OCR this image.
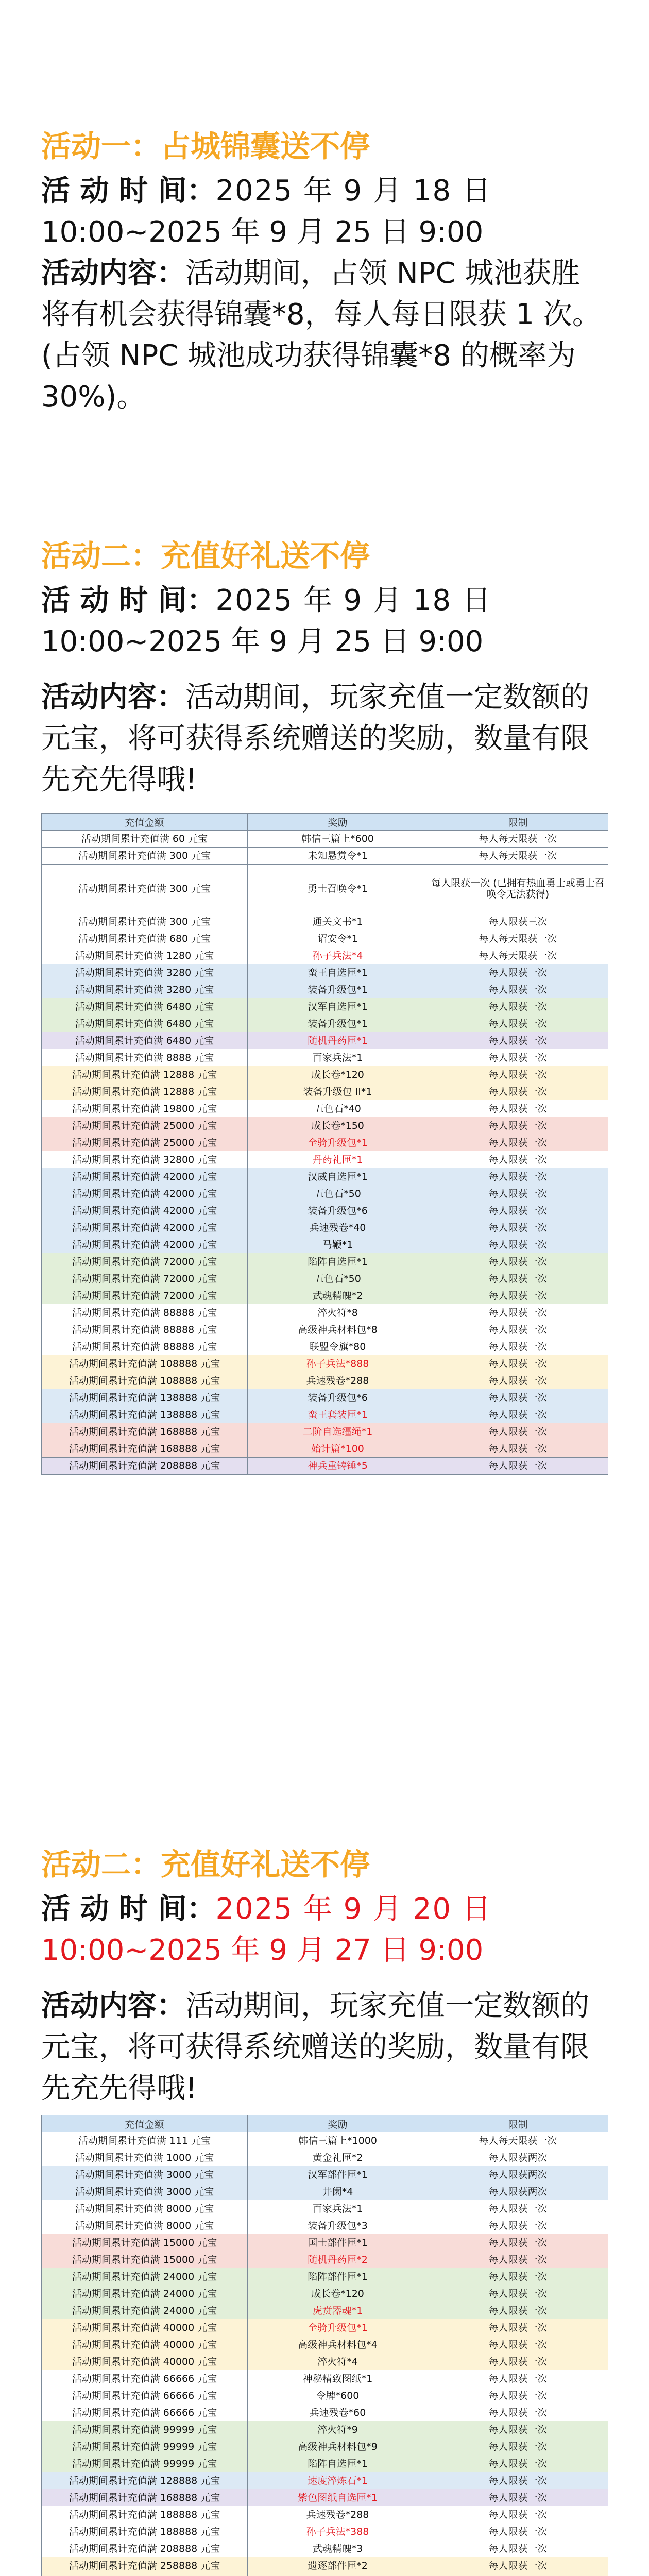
活动一：占城锦囊送不停

活 动 时 间：2025 年 9 月 18 日
10:00~2025 年 9 月 25 日 9:00

活动内容：活动期间，占领 NPC 城池获胜将有机会获得锦囊*8，每人每日限获 1 次。(占领 NPC 城池成功获得锦囊*8 的概率为 30%)。

活动二：充值好礼送不停

活 动 时 间：2025 年 9 月 18 日
10:00~2025 年 9 月 25 日 9:00

活动内容：活动期间，玩家充值一定数额的元宝，将可获得系统赠送的奖励，数量有限先充先得哦!

充值金额	奖励	限制
活动期间累计充值满 60 元宝	韩信三篇上*600	每人每天限获一次
活动期间累计充值满 300 元宝	未知悬赏令*1	每人每天限获一次
活动期间累计充值满 300 元宝	勇士召唤令*1	每人限获一次 (已拥有热血勇士或勇士召唤令无法获得)
活动期间累计充值满 300 元宝	通关文书*1	每人限获三次
活动期间累计充值满 680 元宝	诏安令*1	每人每天限获一次
活动期间累计充值满 1280 元宝	孙子兵法*4	每人每天限获一次
活动期间累计充值满 3280 元宝	蛮王自选匣*1	每人限获一次
活动期间累计充值满 3280 元宝	装备升级包*1	每人限获一次
活动期间累计充值满 6480 元宝	汉军自选匣*1	每人限获一次
活动期间累计充值满 6480 元宝	装备升级包*1	每人限获一次
活动期间累计充值满 6480 元宝	随机丹药匣*1	每人限获一次
活动期间累计充值满 8888 元宝	百家兵法*1	每人限获一次
活动期间累计充值满 12888 元宝	成长卷*120	每人限获一次
活动期间累计充值满 12888 元宝	装备升级包 II*1	每人限获一次
活动期间累计充值满 19800 元宝	五色石*40	每人限获一次
活动期间累计充值满 25000 元宝	成长卷*150	每人限获一次
活动期间累计充值满 25000 元宝	全骑升级包*1	每人限获一次
活动期间累计充值满 32800 元宝	丹药礼匣*1	每人限获一次
活动期间累计充值满 42000 元宝	汉威自选匣*1	每人限获一次
活动期间累计充值满 42000 元宝	五色石*50	每人限获一次
活动期间累计充值满 42000 元宝	装备升级包*6	每人限获一次
活动期间累计充值满 42000 元宝	兵速残卷*40	每人限获一次
活动期间累计充值满 42000 元宝	马鞭*1	每人限获一次
活动期间累计充值满 72000 元宝	陷阵自选匣*1	每人限获一次
活动期间累计充值满 72000 元宝	五色石*50	每人限获一次
活动期间累计充值满 72000 元宝	武魂精魄*2	每人限获一次
活动期间累计充值满 88888 元宝	淬火符*8	每人限获一次
活动期间累计充值满 88888 元宝	高级神兵材料包*8	每人限获一次
活动期间累计充值满 88888 元宝	联盟令旗*80	每人限获一次
活动期间累计充值满 108888 元宝	孙子兵法*888	每人限获一次
活动期间累计充值满 108888 元宝	兵速残卷*288	每人限获一次
活动期间累计充值满 138888 元宝	装备升级包*6	每人限获一次
活动期间累计充值满 138888 元宝	蛮王套装匣*1	每人限获一次
活动期间累计充值满 168888 元宝	二阶自选缰绳*1	每人限获一次
活动期间累计充值满 168888 元宝	始计篇*100	每人限获一次
活动期间累计充值满 208888 元宝	神兵重铸锤*5	每人限获一次
活动二：充值好礼送不停

活 动 时 间：2025 年 9 月 20 日
10:00~2025 年 9 月 27 日 9:00

活动内容：活动期间，玩家充值一定数额的元宝，将可获得系统赠送的奖励，数量有限先充先得哦!

充值金额	奖励	限制
活动期间累计充值满 111 元宝	韩信三篇上*1000	每人每天限获一次
活动期间累计充值满 1000 元宝	黄金礼匣*2	每人限获两次
活动期间累计充值满 3000 元宝	汉军部件匣*1	每人限获两次
活动期间累计充值满 3000 元宝	井阑*4	每人限获两次
活动期间累计充值满 8000 元宝	百家兵法*1	每人限获一次
活动期间累计充值满 8000 元宝	装备升级包*3	每人限获一次
活动期间累计充值满 15000 元宝	国士部件匣*1	每人限获一次
活动期间累计充值满 15000 元宝	随机丹药匣*2	每人限获一次
活动期间累计充值满 24000 元宝	陷阵部件匣*1	每人限获一次
活动期间累计充值满 24000 元宝	成长卷*120	每人限获一次
活动期间累计充值满 24000 元宝	虎贲器魂*1	每人限获一次
活动期间累计充值满 40000 元宝	全骑升级包*1	每人限获一次
活动期间累计充值满 40000 元宝	高级神兵材料包*4	每人限获一次
活动期间累计充值满 40000 元宝	淬火符*4	每人限获一次
活动期间累计充值满 66666 元宝	神秘精致图纸*1	每人限获一次
活动期间累计充值满 66666 元宝	令牌*600	每人限获一次
活动期间累计充值满 66666 元宝	兵速残卷*60	每人限获一次
活动期间累计充值满 99999 元宝	淬火符*9	每人限获一次
活动期间累计充值满 99999 元宝	高级神兵材料包*9	每人限获一次
活动期间累计充值满 99999 元宝	陷阵自选匣*1	每人限获一次
活动期间累计充值满 128888 元宝	速度淬炼石*1	每人限获一次
活动期间累计充值满 168888 元宝	紫色图纸自选匣*1	每人限获一次
活动期间累计充值满 188888 元宝	兵速残卷*288	每人限获一次
活动期间累计充值满 188888 元宝	孙子兵法*388	每人限获一次
活动期间累计充值满 208888 元宝	武魂精魄*3	每人限获一次
活动期间累计充值满 258888 元宝	遗逐部件匣*2	每人限获一次
